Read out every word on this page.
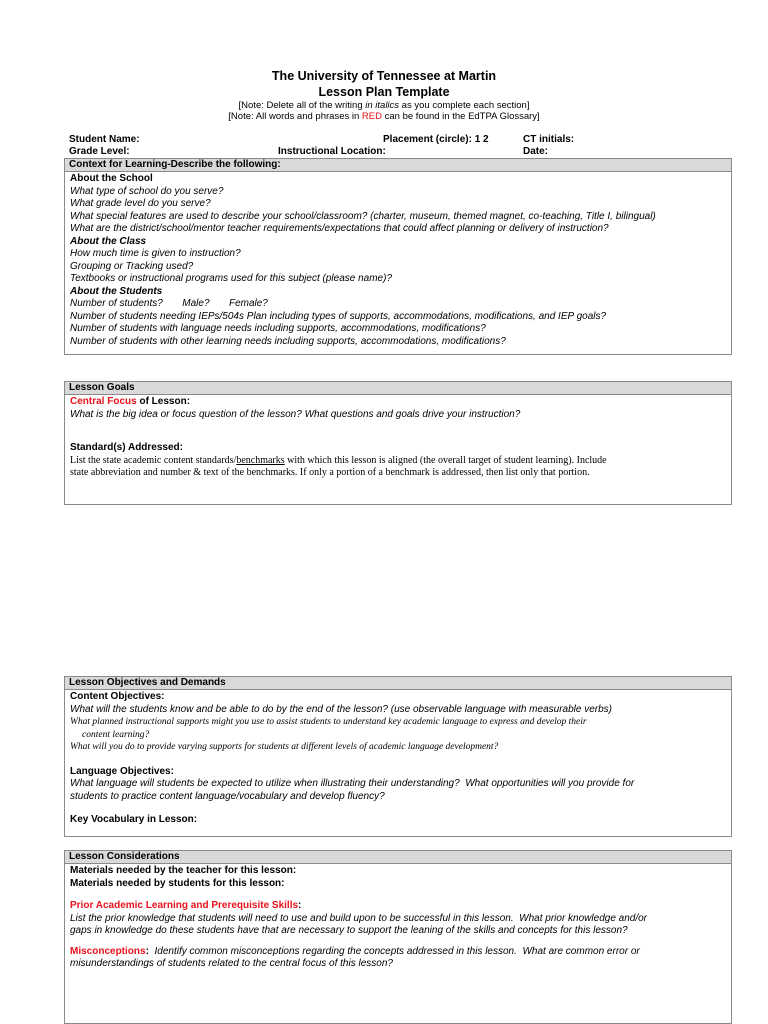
The University of Tennessee at Martin
Lesson Plan Template
[Note: Delete all of the writing in italics as you complete each section]
[Note: All words and phrases in RED can be found in the EdTPA Glossary]
Student Name:	Placement (circle): 1 2	CT initials:
Grade Level:	Instructional Location:	Date:
Context for Learning-Describe the following:
About the School
What type of school do you serve?
What grade level do you serve?
What special features are used to describe your school/classroom? (charter, museum, themed magnet, co-teaching, Title I, bilingual)
What are the district/school/mentor teacher requirements/expectations that could affect planning or delivery of instruction?
About the Class
How much time is given to instruction?
Grouping or Tracking used?
Textbooks or instructional programs used for this subject (please name)?
About the Students
Number of students?       Male?       Female?
Number of students needing IEPs/504s Plan including types of supports, accommodations, modifications, and IEP goals?
Number of students with language needs including supports, accommodations, modifications?
Number of students with other learning needs including supports, accommodations, modifications?
Lesson Goals
Central Focus of Lesson:
What is the big idea or focus question of the lesson? What questions and goals drive your instruction?
Standard(s) Addressed:
List the state academic content standards/benchmarks with which this lesson is aligned (the overall target of student learning). Include
state abbreviation and number & text of the benchmarks. If only a portion of a benchmark is addressed, then list only that portion.
Lesson Objectives and Demands
Content Objectives:
What will the students know and be able to do by the end of the lesson? (use observable language with measurable verbs)
What planned instructional supports might you use to assist students to understand key academic language to express and develop their
content learning?
What will you do to provide varying supports for students at different levels of academic language development?
Language Objectives:
What language will students be expected to utilize when illustrating their understanding?  What opportunities will you provide for
students to practice content language/vocabulary and develop fluency?
Key Vocabulary in Lesson:
Lesson Considerations
Materials needed by the teacher for this lesson:
Materials needed by students for this lesson:
Prior Academic Learning and Prerequisite Skills:
List the prior knowledge that students will need to use and build upon to be successful in this lesson.  What prior knowledge and/or
gaps in knowledge do these students have that are necessary to support the leaning of the skills and concepts for this lesson?
Misconceptions:  Identify common misconceptions regarding the concepts addressed in this lesson.  What are common error or
misunderstandings of students related to the central focus of this lesson?
